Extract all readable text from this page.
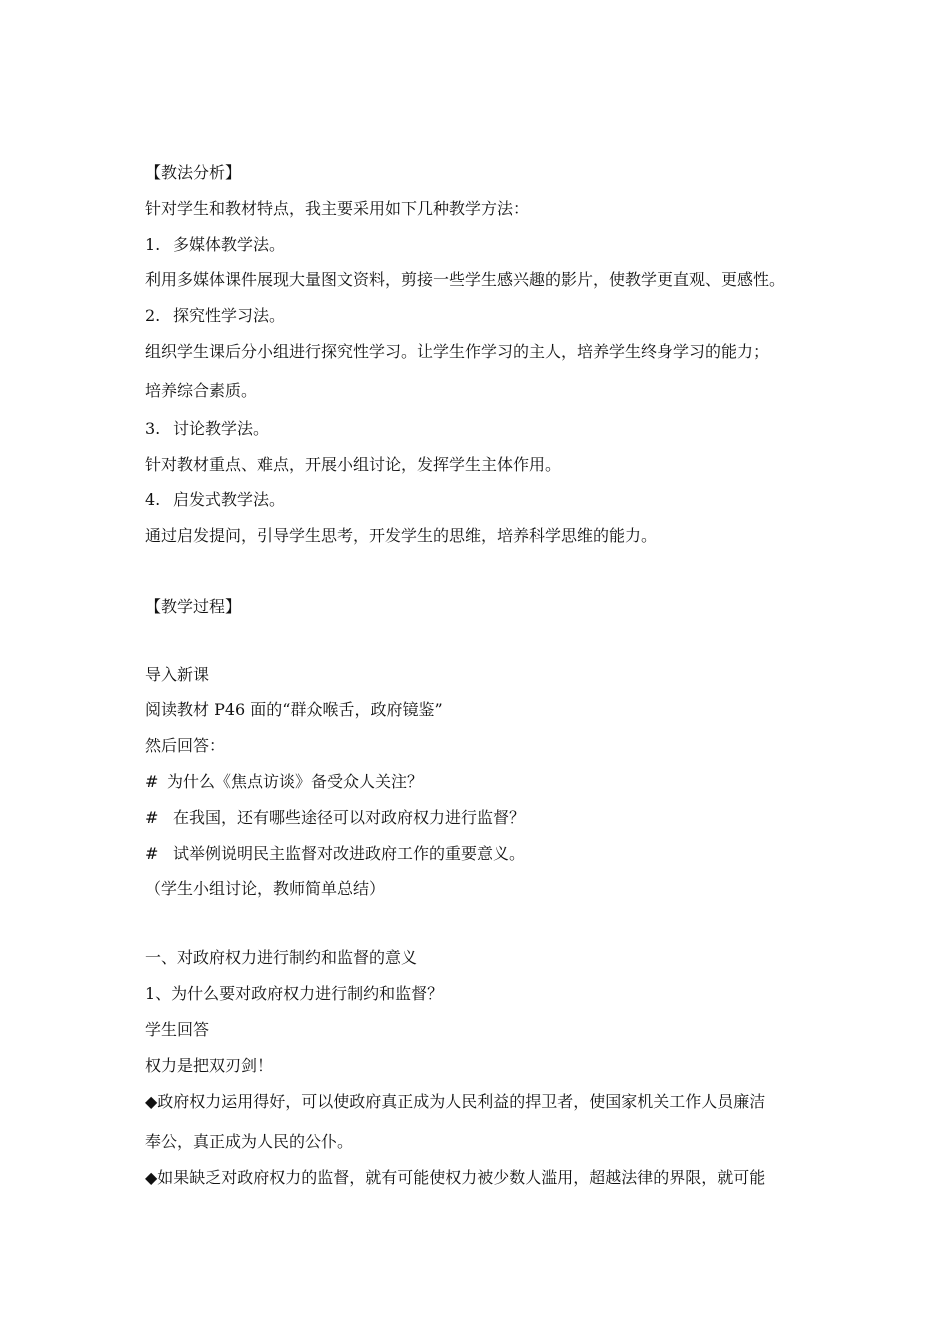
【教法分析】
针对学生和教材特点，我主要采用如下几种教学方法：
1. 多媒体教学法。
利用多媒体课件展现大量图文资料，剪接一些学生感兴趣的影片，使教学更直观、更感性。
2. 探究性学习法。
组织学生课后分小组进行探究性学习。让学生作学习的主人，培养学生终身学习的能力；
培养综合素质。
3. 讨论教学法。
针对教材重点、难点，开展小组讨论，发挥学生主体作用。
4. 启发式教学法。
通过启发提问，引导学生思考，开发学生的思维，培养科学思维的能力。
【教学过程】
导入新课
阅读教材 P46 面的“群众喉舌，政府镜鉴”
然后回答：
# 为什么《焦点访谈》备受众人关注？
# 在我国，还有哪些途径可以对政府权力进行监督？
# 试举例说明民主监督对改进政府工作的重要意义。
（学生小组讨论，教师简单总结）
一、对政府权力进行制约和监督的意义
1、为什么要对政府权力进行制约和监督？
学生回答
权力是把双刃剑！
◆政府权力运用得好，可以使政府真正成为人民利益的捍卫者，使国家机关工作人员廉洁
奉公，真正成为人民的公仆。
◆如果缺乏对政府权力的监督，就有可能使权力被少数人滥用，超越法律的界限，就可能
